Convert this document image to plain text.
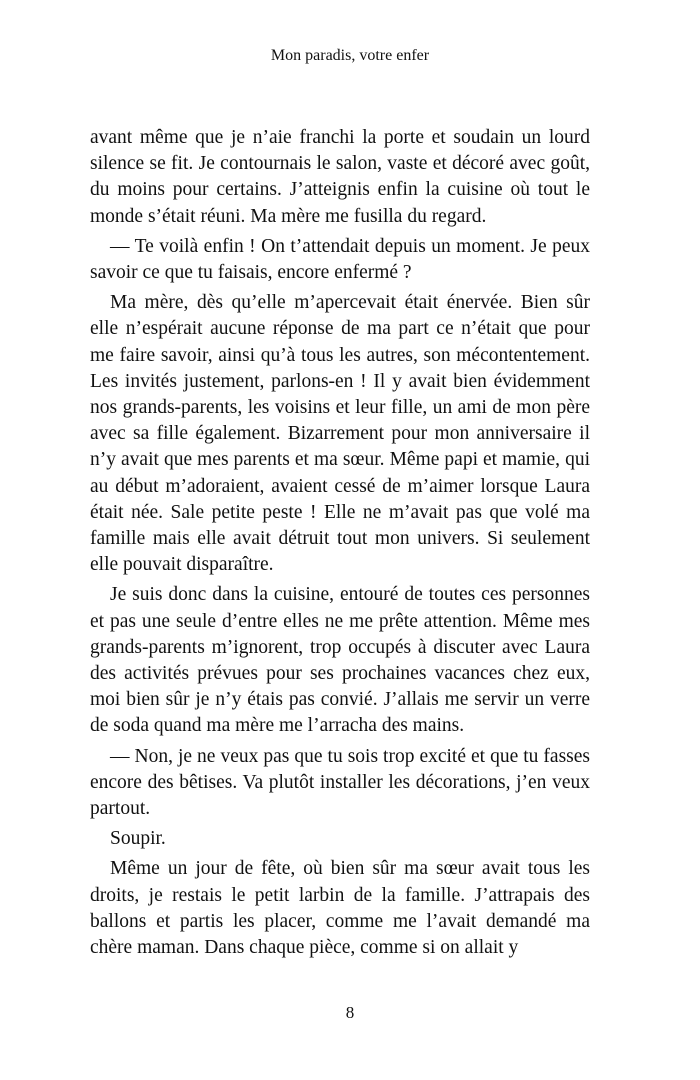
Mon paradis, votre enfer

avant même que je n’aie franchi la porte et soudain un lourd silence se fit. Je contournais le salon, vaste et décoré avec goût, du moins pour certains. J’atteignis enfin la cuisine où tout le monde s’était réuni. Ma mère me fusilla du regard.

— Te voilà enfin ! On t’attendait depuis un moment. Je peux savoir ce que tu faisais, encore enfermé ?

Ma mère, dès qu’elle m’apercevait était énervée. Bien sûr elle n’espérait aucune réponse de ma part ce n’était que pour me faire savoir, ainsi qu’à tous les autres, son mécontentement. Les invités justement, parlons-en ! Il y avait bien évidemment nos grands-parents, les voisins et leur fille, un ami de mon père avec sa fille également. Bizarrement pour mon anniversaire il n’y avait que mes parents et ma sœur. Même papi et mamie, qui au début m’adoraient, avaient cessé de m’aimer lorsque Laura était née. Sale petite peste ! Elle ne m’avait pas que volé ma famille mais elle avait détruit tout mon univers. Si seulement elle pouvait disparaître.

Je suis donc dans la cuisine, entouré de toutes ces personnes et pas une seule d’entre elles ne me prête attention. Même mes grands-parents m’ignorent, trop occupés à discuter avec Laura des activités prévues pour ses prochaines vacances chez eux, moi bien sûr je n’y étais pas convié. J’allais me servir un verre de soda quand ma mère me l’arracha des mains.

— Non, je ne veux pas que tu sois trop excité et que tu fasses encore des bêtises. Va plutôt installer les décorations, j’en veux partout.

Soupir.

Même un jour de fête, où bien sûr ma sœur avait tous les droits, je restais le petit larbin de la famille. J’attrapais des ballons et partis les placer, comme me l’avait demandé ma chère maman. Dans chaque pièce, comme si on allait y

8
